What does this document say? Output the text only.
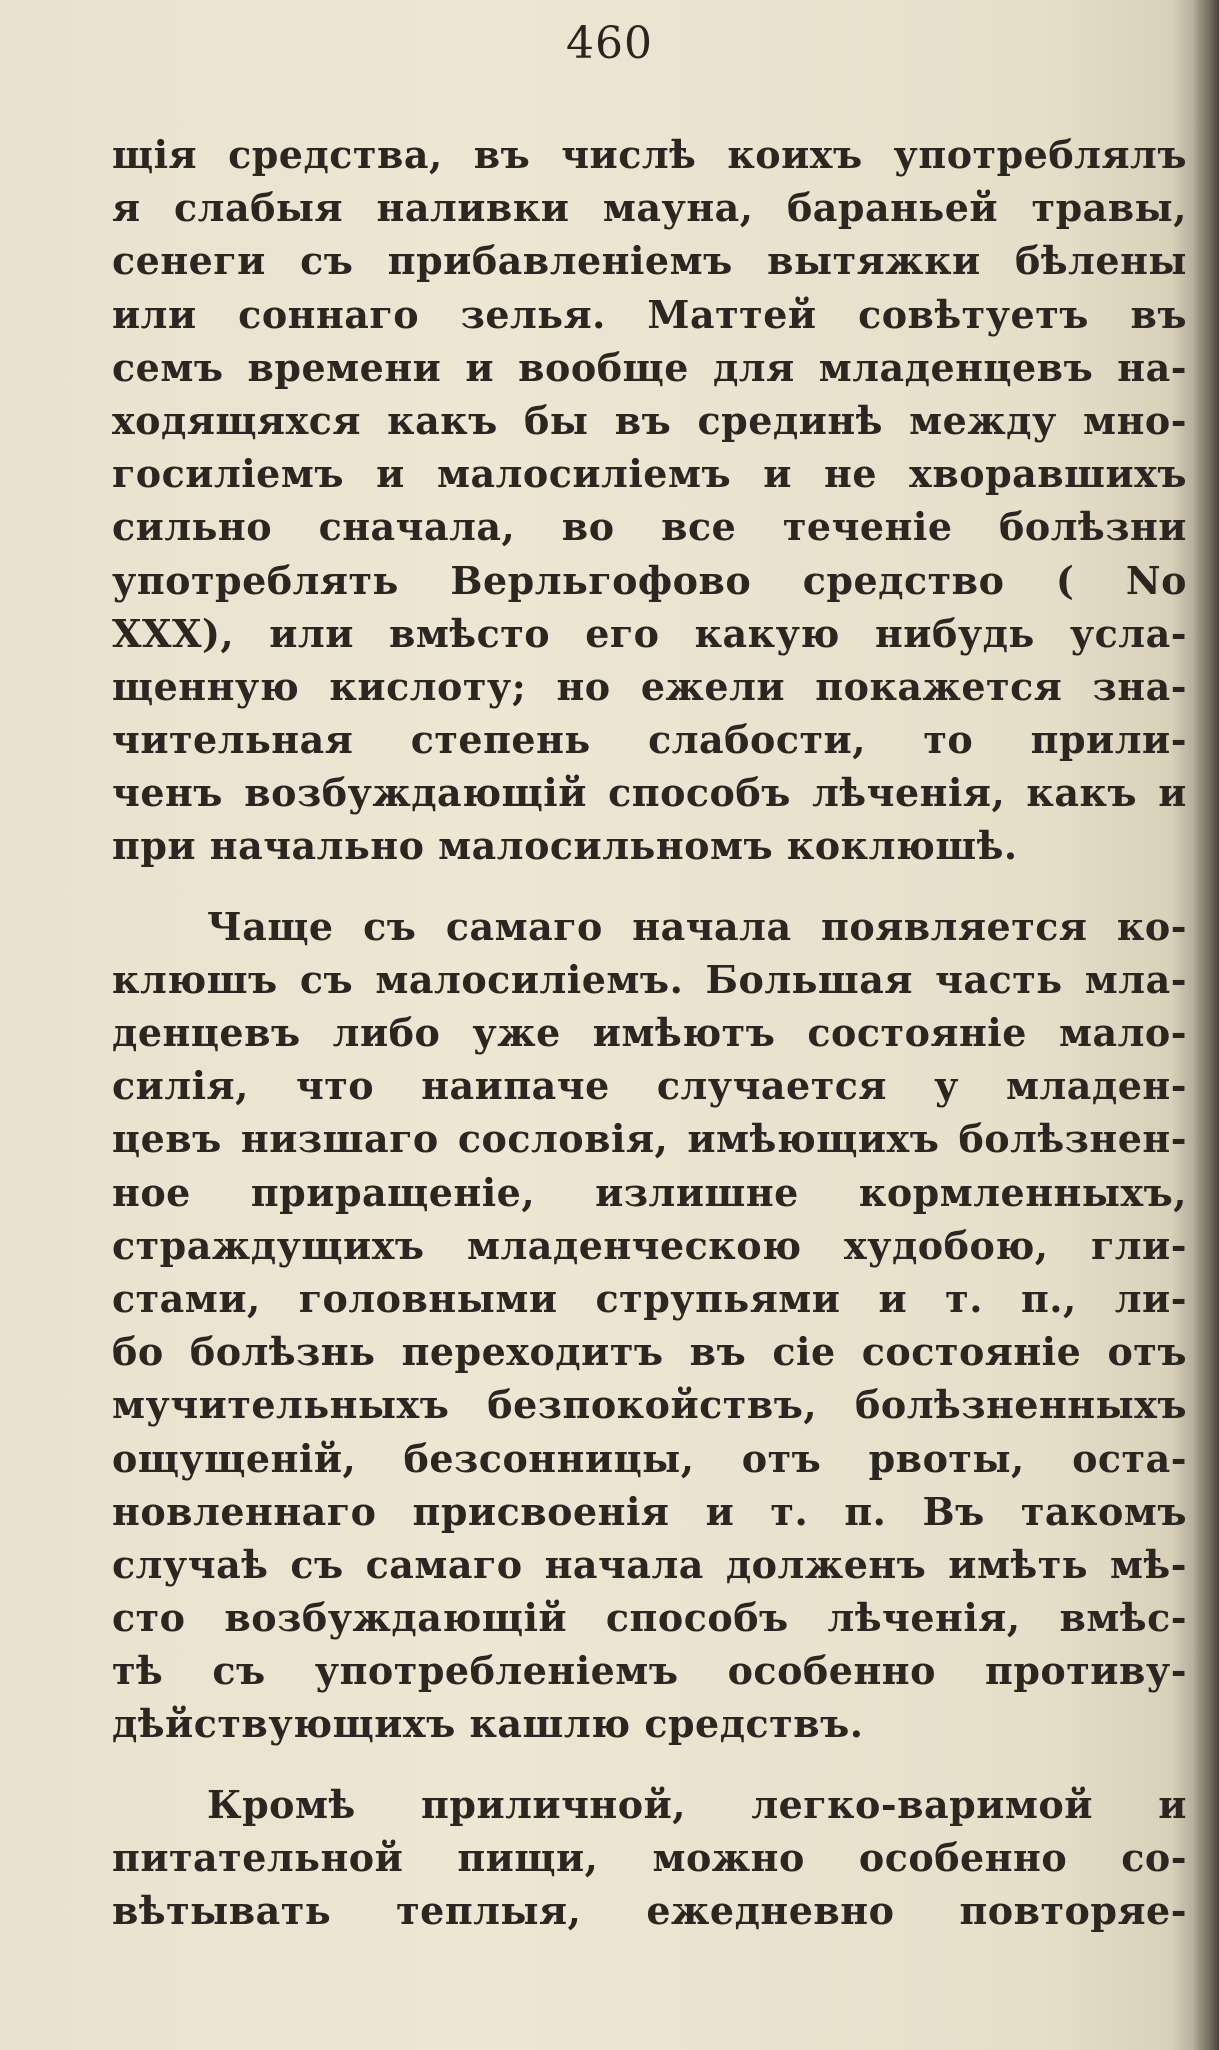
460
щія средства, въ числѣ коихъ употреблялъ
я слабыя наливки мауна, бараньей травы,
сенеги съ прибавленіемъ вытяжки бѣлены
или соннаго зелья. Маттей совѣтуетъ въ
семъ времени и вообще для младенцевъ на-
ходящяхся какъ бы въ срединѣ между мно-
госиліемъ и малосиліемъ и не хворавшихъ
сильно сначала, во все теченіе болѣзни
употреблять Верльгофово средство ( No
XXX), или вмѣсто его какую нибудь усла-
щенную кислоту; но ежели покажется зна-
чительная степень слабости, то прили-
ченъ возбуждающій способъ лѣченія, какъ и
при начально малосильномъ коклюшѣ.
Чаще съ самаго начала появляется ко-
клюшъ съ малосиліемъ. Большая часть мла-
денцевъ либо уже имѣютъ состояніе мало-
силія, что наипаче случается у младен-
цевъ низшаго сословія, имѣющихъ болѣзнен-
ное приращеніе, излишне кормленныхъ,
страждущихъ младенческою худобою, гли-
стами, головными струпьями и т. п., ли-
бо болѣзнь переходитъ въ сіе состояніе отъ
мучительныхъ безпокойствъ, болѣзненныхъ
ощущеній, безсонницы, отъ рвоты, оста-
новленнаго присвоенія и т. п. Въ такомъ
случаѣ съ самаго начала долженъ имѣть мѣ-
сто возбуждающій способъ лѣченія, вмѣс-
тѣ съ употребленіемъ особенно противу-
дѣйствующихъ кашлю средствъ.
Кромѣ приличной, легко-варимой и
питательной пищи, можно особенно со-
вѣтывать теплыя, ежедневно повторяе-
